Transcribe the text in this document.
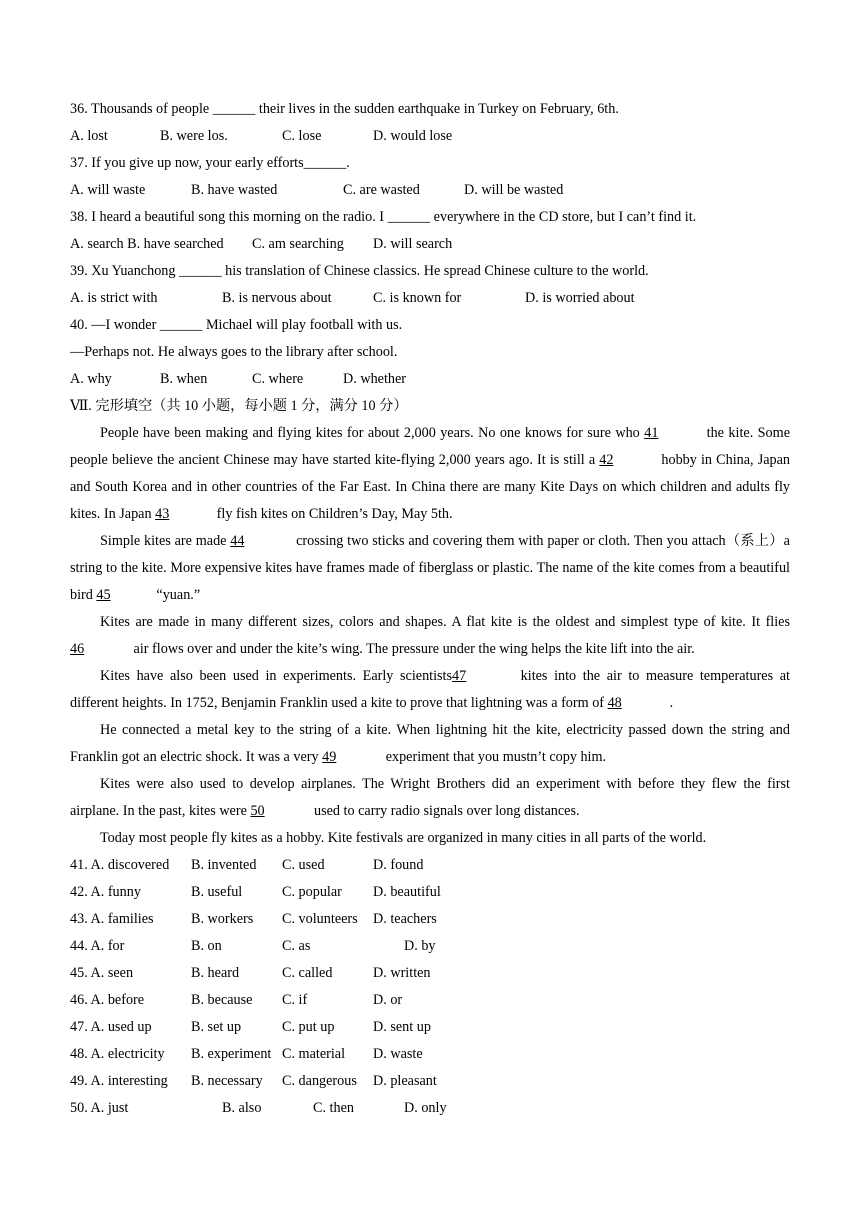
36. Thousands of people ______ their lives in the sudden earthquake in Turkey on February, 6th.
A. lost	B. were los.	C. lose	D. would lose
37. If you give up now, your early efforts______.
A. will waste	B. have wasted	C. are wasted	D. will be wasted
38. I heard a beautiful song this morning on the radio. I ______ everywhere in the CD store, but I can’t find it.
A. search B. have searched C. am searching D. will search
39. Xu Yuanchong ______ his translation of Chinese classics. He spread Chinese culture to the world.
A. is strict with	B. is nervous about	C. is known for	D. is worried about
40. —I wonder ______ Michael will play football with us.
—Perhaps not. He always goes to the library after school.
A. why	B. when	C. where	D. whether
Ⅶ. 完形填空（共 10 小题，每小题 1 分，满分 10 分）

People have been making and flying kites for about 2,000 years. No one knows for sure who 41	the kite. Some people believe the ancient Chinese may have started kite-flying 2,000 years ago. It is still a 42	hobby in China, Japan and South Korea and in other countries of the Far East. In China there are many Kite Days on which children and adults fly kites. In Japan 43	fly fish kites on Children’s Day, May 5th.

Simple kites are made 44	crossing two sticks and covering them with paper or cloth. Then you attach（系上）a string to the kite. More expensive kites have frames made of fiberglass or plastic. The name of the kite comes from a beautiful bird 45	“yuan.”

Kites are made in many different sizes, colors and shapes. A flat kite is the oldest and simplest type of kite. It flies 46	air flows over and under the kite’s wing. The pressure under the wing helps the kite lift into the air.

Kites have also been used in experiments. Early scientists47	kites into the air to measure temperatures at different heights. In 1752, Benjamin Franklin used a kite to prove that lightning was a form of 48	.

He connected a metal key to the string of a kite. When lightning hit the kite, electricity passed down the string and Franklin got an electric shock. It was a very 49	experiment that you mustn’t copy him.

Kites were also used to develop airplanes. The Wright Brothers did an experiment with before they flew the first airplane. In the past, kites were 50	used to carry radio signals over long distances.

Today most people fly kites as a hobby. Kite festivals are organized in many cities in all parts of the world.

41. A. discovered B. invented C. used	D. found
42. A. funny	B. useful	C. popular D. beautiful
43. A. families	B. workers C. volunteers D. teachers
44. A. for	B. on	C. as	D. by
45. A. seen	B. heard	C. called	D. written
46. A. before	B. because C. if	D. or
47. A. used up	B. set up	C. put up	D. sent up
48. A. electricity B. experiment C. material D. waste
49. A. interesting B. necessary C. dangerous D. pleasant
50. A. just	B. also	C. then	D. only
